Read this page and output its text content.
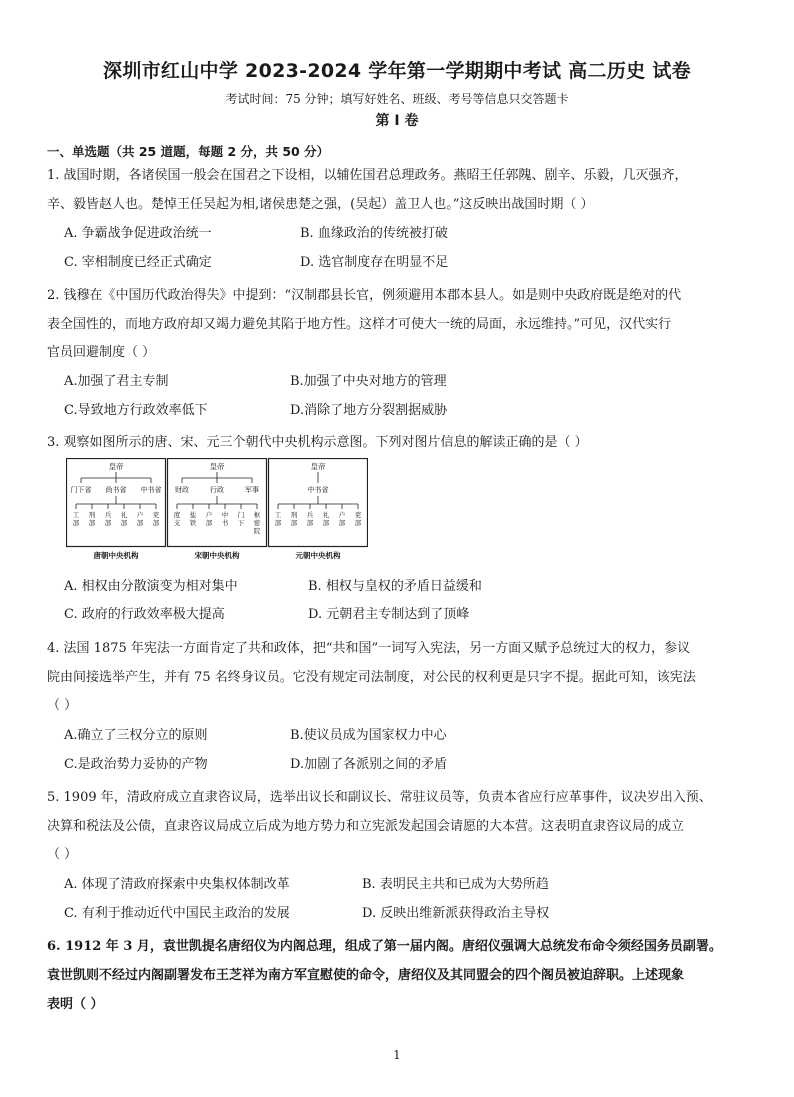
深圳市红山中学 2023-2024 学年第一学期期中考试 高二历史 试卷
考试时间：75 分钟；填写好姓名、班级、考号等信息只交答题卡
第 I 卷
一、单选题（共 25 道题，每题 2 分，共 50 分）
1. 战国时期，各诸侯国一般会在国君之下设相，以辅佐国君总理政务。燕昭王任郭隗、剧辛、乐毅，几灭强齐，
辛、毅皆赵人也。楚悼王任吴起为相,诸侯患楚之强，(吴起）盖卫人也。”这反映出战国时期（ ）
A. 争霸战争促进政治统一	B. 血缘政治的传统被打破
C. 宰相制度已经正式确定	D. 选官制度存在明显不足
2. 钱穆在《中国历代政治得失》中提到：“汉制郡县长官，例须避用本郡本县人。如是则中央政府既是绝对的代
表全国性的，而地方政府却又竭力避免其陷于地方性。这样才可使大一统的局面，永远维持。”可见，汉代实行
官员回避制度（ ）
A.加强了君主专制	B.加强了中央对地方的管理
C.导致地方行政效率低下	D.消除了地方分裂割据威胁
3. 观察如图所示的唐、宋、元三个朝代中央机构示意图。下列对图片信息的解读正确的是（ ）
皇帝
门下省 尚书省 中书省
工
部
刑
部
兵
部
礼
部
户
部
吏
部
唐朝中央机构
皇帝
财政	行政	军事
度
支
盐
铁
户
部
中
书
门
下
枢
密
院
宋朝中央机构
皇帝
中书省
工
部
刑
部
兵
部
礼
部
户
部
吏
部
元朝中央机构
A. 相权由分散演变为相对集中	B. 相权与皇权的矛盾日益缓和
C. 政府的行政效率极大提高	D. 元朝君主专制达到了顶峰
4. 法国 1875 年宪法一方面肯定了共和政体，把“共和国”一词写入宪法，另一方面又赋予总统过大的权力，参议
院由间接选举产生，并有 75 名终身议员。它没有规定司法制度，对公民的权利更是只字不提。据此可知，该宪法
（ ）
A.确立了三权分立的原则	B.使议员成为国家权力中心
C.是政治势力妥协的产物	D.加剧了各派别之间的矛盾
5. 1909 年，清政府成立直隶咨议局，选举出议长和副议长、常驻议员等，负责本省应行应革事件，议决岁出入预、
决算和税法及公债，直隶咨议局成立后成为地方势力和立宪派发起国会请愿的大本营。这表明直隶咨议局的成立
（ ）
A. 体现了清政府探索中央集权体制改革	B. 表明民主共和已成为大势所趋
C. 有利于推动近代中国民主政治的发展	D. 反映出维新派获得政治主导权
6. 1912 年 3 月，袁世凯提名唐绍仪为内阁总理，组成了第一届内阁。唐绍仪强调大总统发布命令须经国务员副署。
袁世凯则不经过内阁副署发布王芝祥为南方军宣慰使的命令，唐绍仪及其同盟会的四个阁员被迫辞职。上述现象
表明（ ）
1
